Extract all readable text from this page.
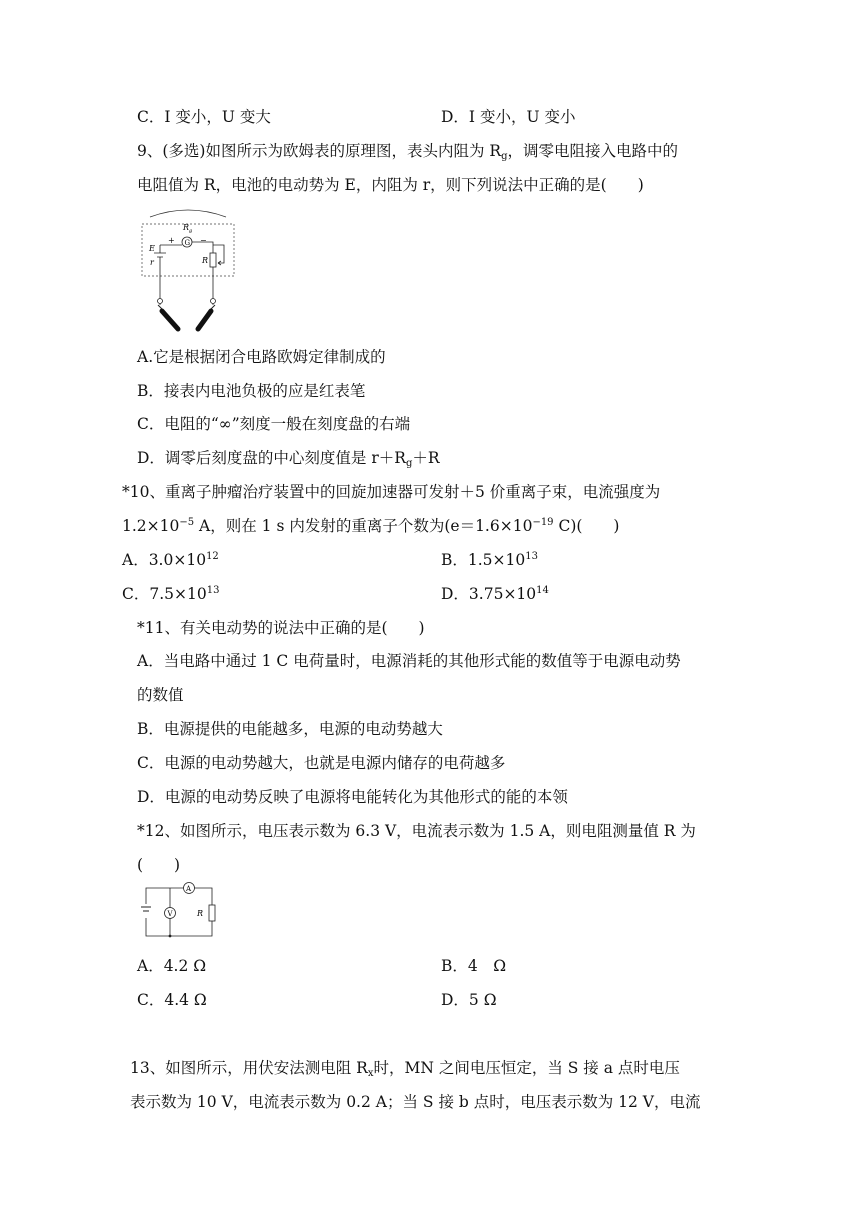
C．I 变小，U 变大	D．I 变小，U 变小
9、(多选)如图所示为欧姆表的原理图，表头内阻为 $R_g$，调零电阻接入电路中的
电阻值为 R，电池的电动势为 E，内阻为 r，则下列说法中正确的是(　　)
$R_g$
+	−
G
E
r	R
A.它是根据闭合电路欧姆定律制成的
B．接表内电池负极的应是红表笔
C．电阻的“∞”刻度一般在刻度盘的右端
D．调零后刻度盘的中心刻度值是 $r+R_g+R$
*10、重离子肿瘤治疗装置中的回旋加速器可发射＋5 价重离子束，电流强度为
$1.2\times 10^{-5}$ A，则在 1 s 内发射的重离子个数为($e=1.6\times 10^{-19}$ C)(　　)
A．$3.0\times 10^{12}$	B．$1.5\times 10^{13}$
C．$7.5\times 10^{13}$	D．$3.75\times 10^{14}$
*11、有关电动势的说法中正确的是(　　)
A．当电路中通过 1 C 电荷量时，电源消耗的其他形式能的数值等于电源电动势
的数值
B．电源提供的电能越多，电源的电动势越大
C．电源的电动势越大，也就是电源内储存的电荷越多
D．电源的电动势反映了电源将电能转化为其他形式的能的本领
*12、如图所示，电压表示数为 6.3 V，电流表示数为 1.5 A，则电阻测量值 R 为
(　　)
A
V	R
A．4.2 Ω	B．4　Ω
C．4.4 Ω	D．5 Ω
13、如图所示，用伏安法测电阻 $R_x$时，MN 之间电压恒定，当 S 接 a 点时电压
表示数为 10 V，电流表示数为 0.2 A；当 S 接 b 点时，电压表示数为 12 V，电流
